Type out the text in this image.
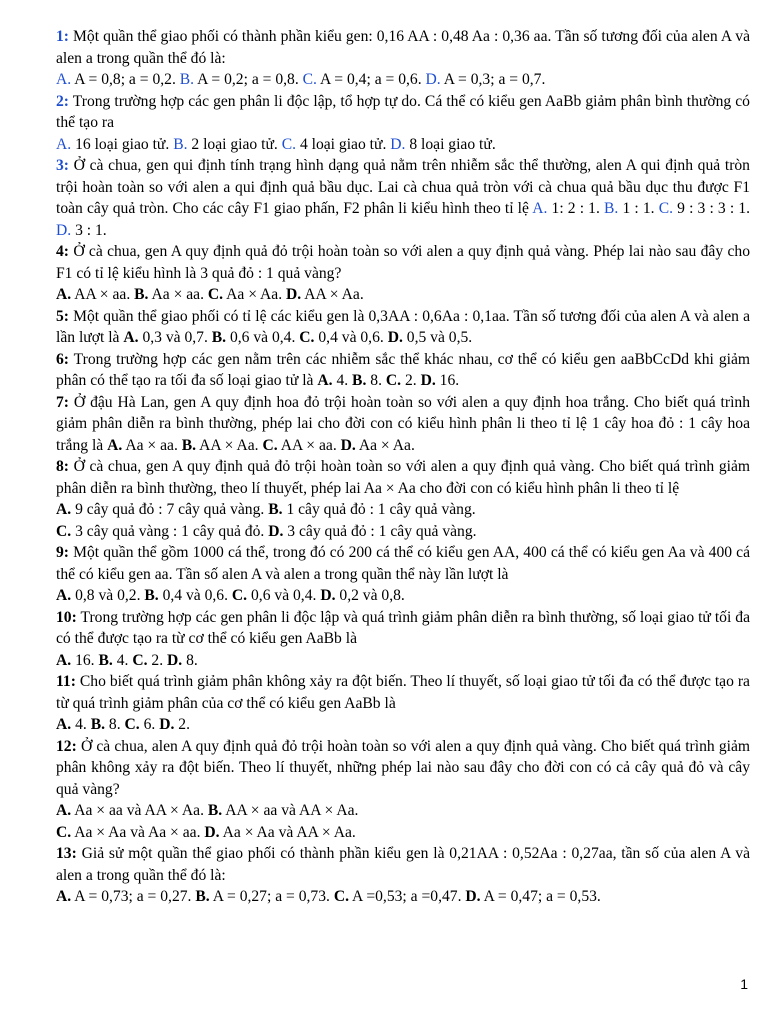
1: Một quần thể giao phối có thành phần kiểu gen: 0,16 AA : 0,48 Aa : 0,36 aa. Tần số tương đối của alen A và alen a trong quần thể đó là:

A. A = 0,8; a = 0,2. B. A = 0,2; a = 0,8. C. A = 0,4; a = 0,6. D. A = 0,3; a = 0,7.

2: Trong trường hợp các gen phân li độc lập, tổ hợp tự do. Cá thể có kiểu gen AaBb giảm phân bình thường có thể tạo ra

A. 16 loại giao tử. B. 2 loại giao tử. C. 4 loại giao tử. D. 8 loại giao tử.

3: Ở cà chua, gen qui định tính trạng hình dạng quả nằm trên nhiễm sắc thể thường, alen A qui định quả tròn trội hoàn toàn so với alen a qui định quả bầu dục. Lai cà chua quả tròn với cà chua quả bầu dục thu được F1 toàn cây quả tròn. Cho các cây F1 giao phấn, F2 phân li kiểu hình theo tỉ lệ A. 1: 2 : 1. B. 1 : 1. C. 9 : 3 : 3 : 1. D. 3 : 1.

4: Ở cà chua, gen A quy định quả đỏ trội hoàn toàn so với alen a quy định quả vàng. Phép lai nào sau đây cho F1 có tỉ lệ kiểu hình là 3 quả đỏ : 1 quả vàng?

A. AA × aa. B. Aa × aa. C. Aa × Aa. D. AA × Aa.

5: Một quần thể giao phối có tỉ lệ các kiểu gen là 0,3AA : 0,6Aa : 0,1aa. Tần số tương đối của alen A và alen a lần lượt là A. 0,3 và 0,7. B. 0,6 và 0,4. C. 0,4 và 0,6. D. 0,5 và 0,5.

6: Trong trường hợp các gen nằm trên các nhiễm sắc thể khác nhau, cơ thể có kiểu gen aaBbCcDd khi giảm phân có thể tạo ra tối đa số loại giao tử là A. 4. B. 8. C. 2. D. 16.

7: Ở đậu Hà Lan, gen A quy định hoa đỏ trội hoàn toàn so với alen a quy định hoa trắng. Cho biết quá trình giảm phân diễn ra bình thường, phép lai cho đời con có kiểu hình phân li theo tỉ lệ 1 cây hoa đỏ : 1 cây hoa trắng là A. Aa × aa. B. AA × Aa. C. AA × aa. D. Aa × Aa.

8: Ở cà chua, gen A quy định quả đỏ trội hoàn toàn so với alen a quy định quả vàng. Cho biết quá trình giảm phân diễn ra bình thường, theo lí thuyết, phép lai Aa × Aa cho đời con có kiểu hình phân li theo tỉ lệ

A. 9 cây quả đỏ : 7 cây quả vàng. B. 1 cây quả đỏ : 1 cây quả vàng.

C. 3 cây quả vàng : 1 cây quả đỏ. D. 3 cây quả đỏ : 1 cây quả vàng.

9: Một quần thể gồm 1000 cá thể, trong đó có 200 cá thể có kiểu gen AA, 400 cá thể có kiểu gen Aa và 400 cá thể có kiểu gen aa. Tần số alen A và alen a trong quần thể này lần lượt là

A. 0,8 và 0,2. B. 0,4 và 0,6. C. 0,6 và 0,4. D. 0,2 và 0,8.

10: Trong trường hợp các gen phân li độc lập và quá trình giảm phân diễn ra bình thường, số loại giao tử tối đa có thể được tạo ra từ cơ thể có kiểu gen AaBb là

A. 16. B. 4. C. 2. D. 8.

11: Cho biết quá trình giảm phân không xảy ra đột biến. Theo lí thuyết, số loại giao tử tối đa có thể được tạo ra từ quá trình giảm phân của cơ thể có kiểu gen AaBb là

A. 4. B. 8. C. 6. D. 2.

12: Ở cà chua, alen A quy định quả đỏ trội hoàn toàn so với alen a quy định quả vàng. Cho biết quá trình giảm phân không xảy ra đột biến. Theo lí thuyết, những phép lai nào sau đây cho đời con có cả cây quả đỏ và cây quả vàng?

A. Aa × aa và AA × Aa. B. AA × aa và AA × Aa.

C. Aa × Aa và Aa × aa. D. Aa × Aa và AA × Aa.

13: Giả sử một quần thể giao phối có thành phần kiểu gen là 0,21AA : 0,52Aa : 0,27aa, tần số của alen A và alen a trong quần thể đó là:

A. A = 0,73; a = 0,27. B. A = 0,27; a = 0,73. C. A =0,53; a =0,47. D. A = 0,47; a = 0,53.

1
